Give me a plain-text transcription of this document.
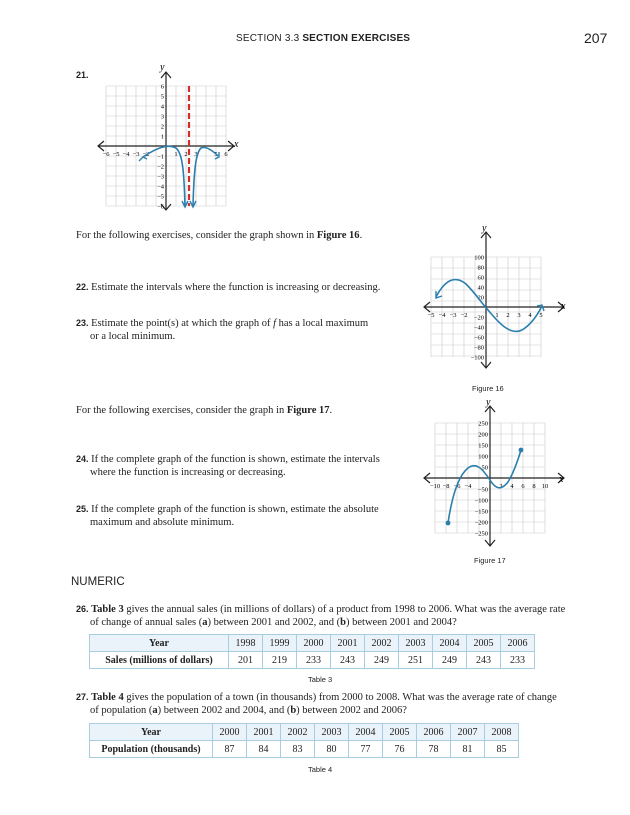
SECTION 3.3 SECTION EXERCISES	207
21.
y
x
−6 −5 −4 −3 −2	1 2 3	5 6
6
5
4
3
2
1
−1
−2
−3
−4
−5
−6
For the following exercises, consider the graph shown in Figure 16.
22. Estimate the intervals where the function is increasing or decreasing.
23. Estimate the point(s) at which the graph of f has a local maximum
or a local minimum.
y
x
−5 −4 −3 −2	1 2 3 4 5
100
80
60
40
20
−20
−40
−60
−80
−100
Figure 16
For the following exercises, consider the graph in Figure 17.
24. If the complete graph of the function is shown, estimate the intervals
where the function is increasing or decreasing.
25. If the complete graph of the function is shown, estimate the absolute
maximum and absolute minimum.
y
x
−10 −8 −6 −4	2 4 6 8 10
250
200
150
100
50
−50
−100
−150
−200
−250
Figure 17
NUMERIC
26. Table 3 gives the annual sales (in millions of dollars) of a product from 1998 to 2006. What was the average rate
of change of annual sales (a) between 2001 and 2002, and (b) between 2001 and 2004?
Year	1998	1999	2000	2001	2002	2003	2004	2005	2006
Sales (millions of dollars)	201	219	233	243	249	251	249	243	233
Table 3
27. Table 4 gives the population of a town (in thousands) from 2000 to 2008. What was the average rate of change
of population (a) between 2002 and 2004, and (b) between 2002 and 2006?
Year	2000	2001	2002	2003	2004	2005	2006	2007	2008
Population (thousands)	87	84	83	80	77	76	78	81	85
Table 4
